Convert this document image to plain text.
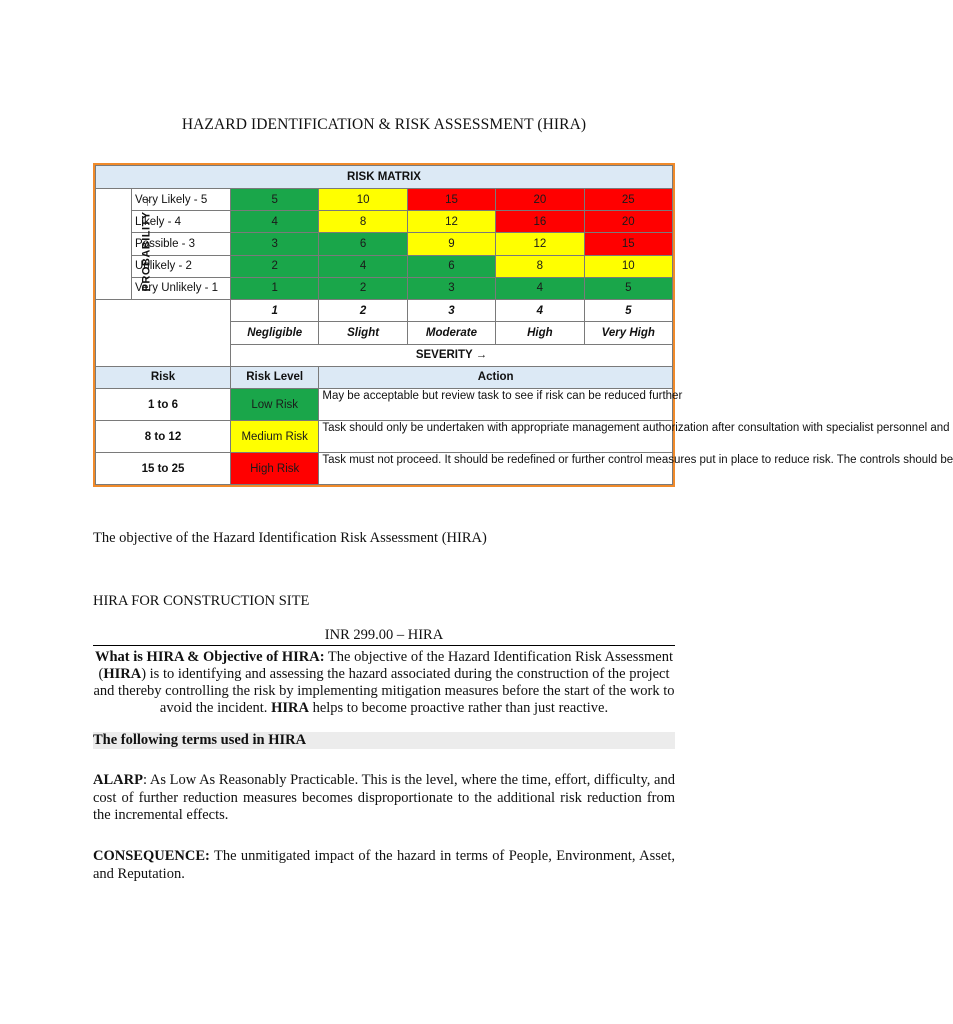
HAZARD IDENTIFICATION & RISK ASSESSMENT (HIRA)
RISK MATRIX						
PROBABILITY →	Very Likely - 5	5	10	15	20	25
	Likely - 4	4	8	12	16	20
	Possible - 3	3	6	9	12	15
	Unlikely - 2	2	4	6	8	10
	Very Unlikely - 1	1	2	3	4	5
		1	2	3	4	5
		Negligible	Slight	Moderate	High	Very High
		SEVERITY →				
Risk		Risk Level	Action			
1 to 6		Low Risk	May be acceptable but review task to see if risk can be reduced further			
8 to 12		Medium Risk	Task should only be undertaken with appropriate management authorization after consultation with specialist personnel and			
15 to 25		High Risk	Task must not proceed. It should be redefined or further control measures put in place to reduce risk. The controls should be			
The objective of the Hazard Identification Risk Assessment (HIRA)
HIRA FOR CONSTRUCTION SITE
INR 299.00 – HIRA
What is HIRA & Objective of HIRA: The objective of the Hazard Identification Risk Assessment (HIRA) is to identifying and assessing the hazard associated during the construction of the project and thereby controlling the risk by implementing mitigation measures before the start of the work to avoid the incident. HIRA helps to become proactive rather than just reactive.
The following terms used in HIRA
ALARP: As Low As Reasonably Practicable. This is the level, where the time, effort, difficulty, and cost of further reduction measures becomes disproportionate to the additional risk reduction from the incremental effects.
CONSEQUENCE: The unmitigated impact of the hazard in terms of People, Environment, Asset, and Reputation.
